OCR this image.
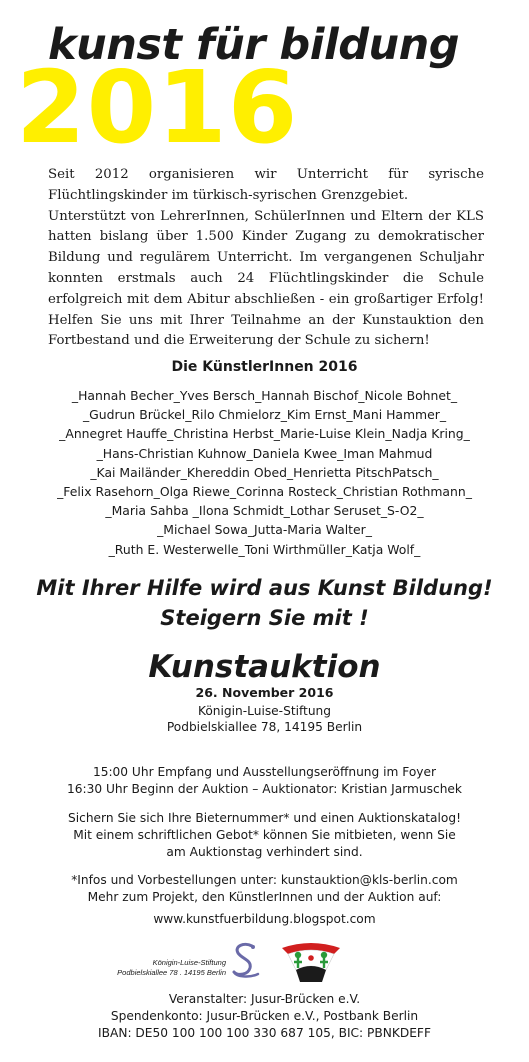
2016
kunst für bildung

Seit 2012 organisieren wir Unterricht für syrische Flüchtlingskinder im türkisch-syrischen Grenzgebiet.

Unterstützt von LehrerInnen, SchülerInnen und Eltern der KLS hatten bislang über 1.500 Kinder Zugang zu demokratischer Bildung und regulärem Unterricht. Im vergangenen Schuljahr konnten erstmals auch 24 Flüchtlingskinder die Schule erfolgreich mit dem Abitur abschließen - ein großartiger Erfolg! Helfen Sie uns mit Ihrer Teilnahme an der Kunstauktion den Fortbestand und die Erweiterung der Schule zu sichern!

Die KünstlerInnen 2016
_Hannah Becher_Yves Bersch_Hannah Bischof_Nicole Bohnet_
_Gudrun Brückel_Rilo Chmielorz_Kim Ernst_Mani Hammer_
_Annegret Hauffe_Christina Herbst_Marie-Luise Klein_Nadja Kring_
_Hans-Christian Kuhnow_Daniela Kwee_Iman Mahmud
_Kai Mailänder_Khereddin Obed_Henrietta PitschPatsch_
_Felix Rasehorn_Olga Riewe_Corinna Rosteck_Christian Rothmann_
_Maria Sahba _Ilona Schmidt_Lothar Seruset_S-O2_
_Michael Sowa_Jutta-Maria Walter_
_Ruth E. Westerwelle_Toni Wirthmüller_Katja Wolf_
Mit Ihrer Hilfe wird aus Kunst Bildung!
Steigern Sie mit !
Kunstauktion
26. November 2016
Königin-Luise-Stiftung
Podbielskiallee 78, 14195 Berlin
15:00 Uhr Empfang und Ausstellungseröffnung im Foyer
16:30 Uhr Beginn der Auktion – Auktionator: Kristian Jarmuschek
Sichern Sie sich Ihre Bieternummer* und einen Auktionskatalog!
Mit einem schriftlichen Gebot* können Sie mitbieten, wenn Sie
am Auktionstag verhindert sind.
*Infos und Vorbestellungen unter: kunstauktion@kls-berlin.com
Mehr zum Projekt, den KünstlerInnen und der Auktion auf:
www.kunstfuerbildung.blogspot.com
Königin-Luise-Stiftung
Podbielskiallee 78 . 14195 Berlin
Veranstalter: Jusur-Brücken e.V.
Spendenkonto: Jusur-Brücken e.V., Postbank Berlin
IBAN: DE50 100 100 100 330 687 105, BIC: PBNKDEFF
